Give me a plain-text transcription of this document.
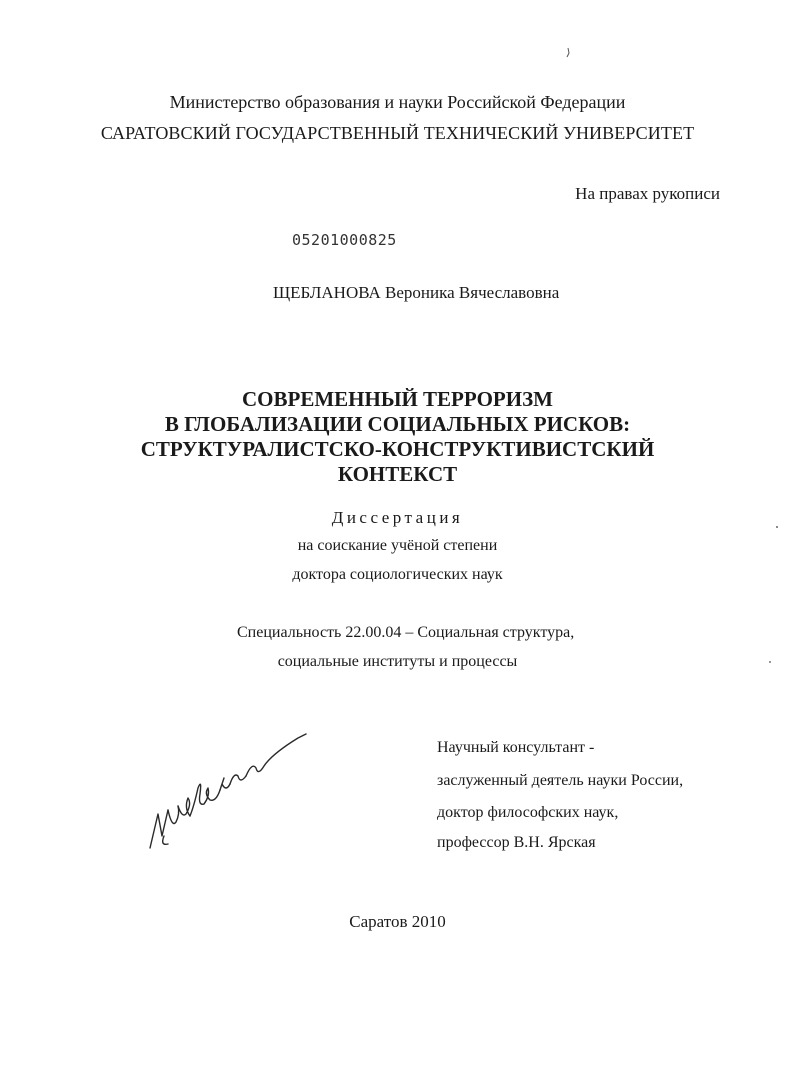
Министерство образования и науки Российской Федерации
САРАТОВСКИЙ ГОСУДАРСТВЕННЫЙ ТЕХНИЧЕСКИЙ УНИВЕРСИТЕТ
На правах рукописи
05201000825
ЩЕБЛАНОВА Вероника Вячеславовна
СОВРЕМЕННЫЙ ТЕРРОРИЗМ
В ГЛОБАЛИЗАЦИИ СОЦИАЛЬНЫХ РИСКОВ:
СТРУКТУРАЛИСТСКО-КОНСТРУКТИВИСТСКИЙ
КОНТЕКСТ
Диссертация
на соискание учёной степени
доктора социологических наук
Специальность 22.00.04 – Социальная структура,
социальные институты и процессы
Научный консультант -
заслуженный деятель науки России,
доктор философских наук,
профессор В.Н. Ярская
Саратов 2010
